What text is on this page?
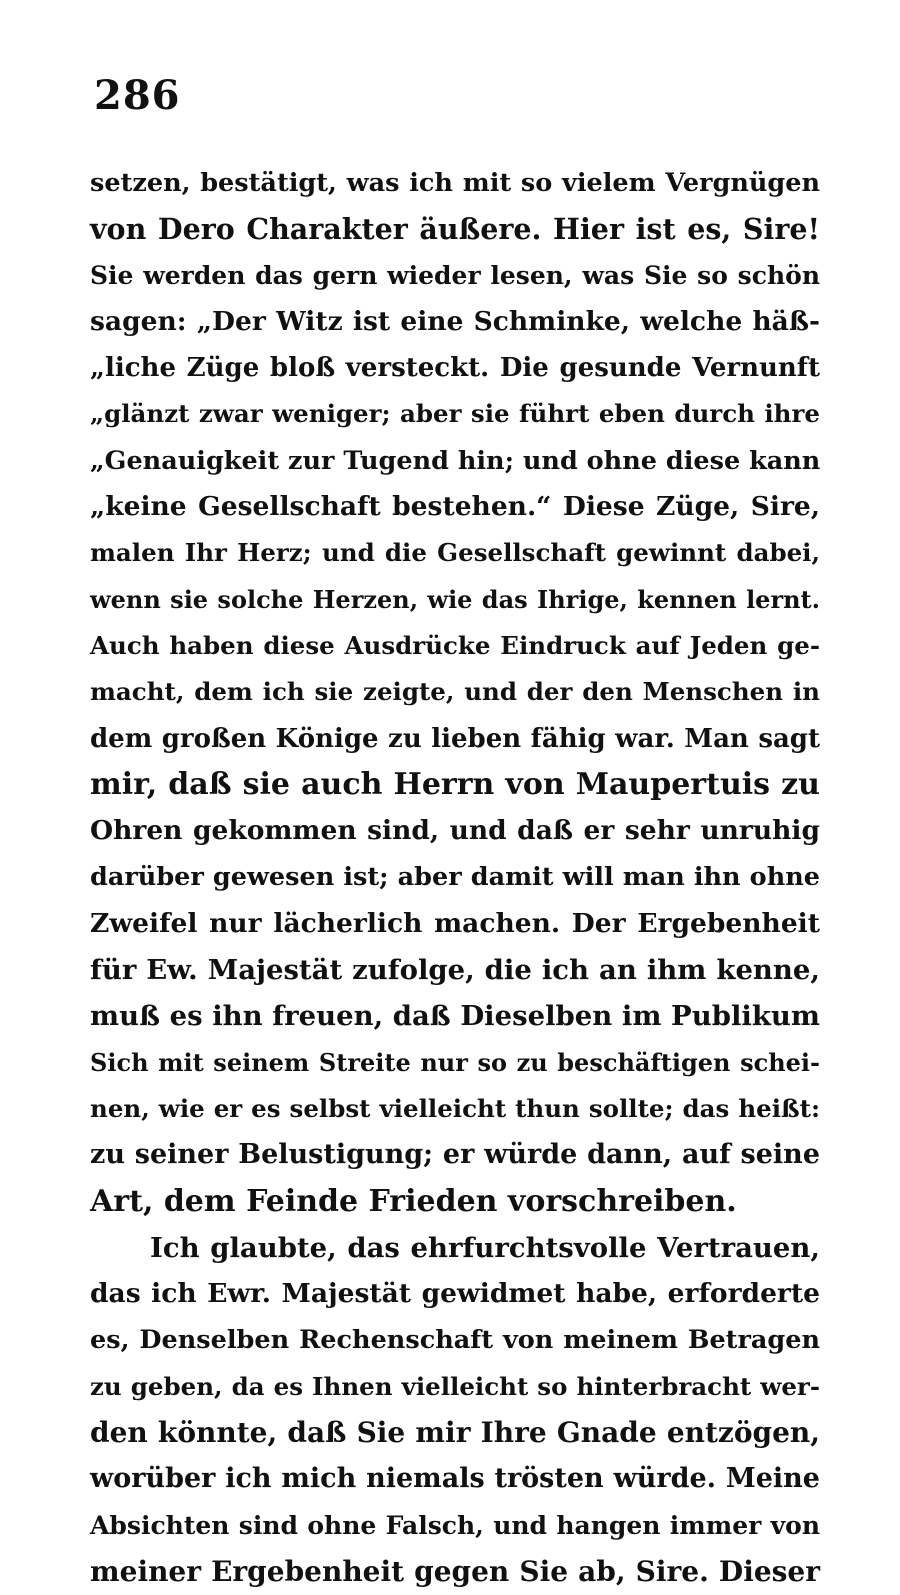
286
setzen, bestätigt, was ich mit so vielem Vergnügen
von Dero Charakter äußere. Hier ist es, Sire!
Sie werden das gern wieder lesen, was Sie so schön
sagen: „Der Witz ist eine Schminke, welche häß-
„liche Züge bloß versteckt. Die gesunde Vernunft
„glänzt zwar weniger; aber sie führt eben durch ihre
„Genauigkeit zur Tugend hin; und ohne diese kann
„keine Gesellschaft bestehen.“ Diese Züge, Sire,
malen Ihr Herz; und die Gesellschaft gewinnt dabei,
wenn sie solche Herzen, wie das Ihrige, kennen lernt.
Auch haben diese Ausdrücke Eindruck auf Jeden ge-
macht, dem ich sie zeigte, und der den Menschen in
dem großen Könige zu lieben fähig war. Man sagt
mir, daß sie auch Herrn von Maupertuis zu
Ohren gekommen sind, und daß er sehr unruhig
darüber gewesen ist; aber damit will man ihn ohne
Zweifel nur lächerlich machen. Der Ergebenheit
für Ew. Majestät zufolge, die ich an ihm kenne,
muß es ihn freuen, daß Dieselben im Publikum
Sich mit seinem Streite nur so zu beschäftigen schei-
nen, wie er es selbst vielleicht thun sollte; das heißt:
zu seiner Belustigung; er würde dann, auf seine
Art, dem Feinde Frieden vorschreiben.
Ich glaubte, das ehrfurchtsvolle Vertrauen,
das ich Ewr. Majestät gewidmet habe, erforderte
es, Denselben Rechenschaft von meinem Betragen
zu geben, da es Ihnen vielleicht so hinterbracht wer-
den könnte, daß Sie mir Ihre Gnade entzögen,
worüber ich mich niemals trösten würde. Meine
Absichten sind ohne Falsch, und hangen immer von
meiner Ergebenheit gegen Sie ab, Sire. Dieser
